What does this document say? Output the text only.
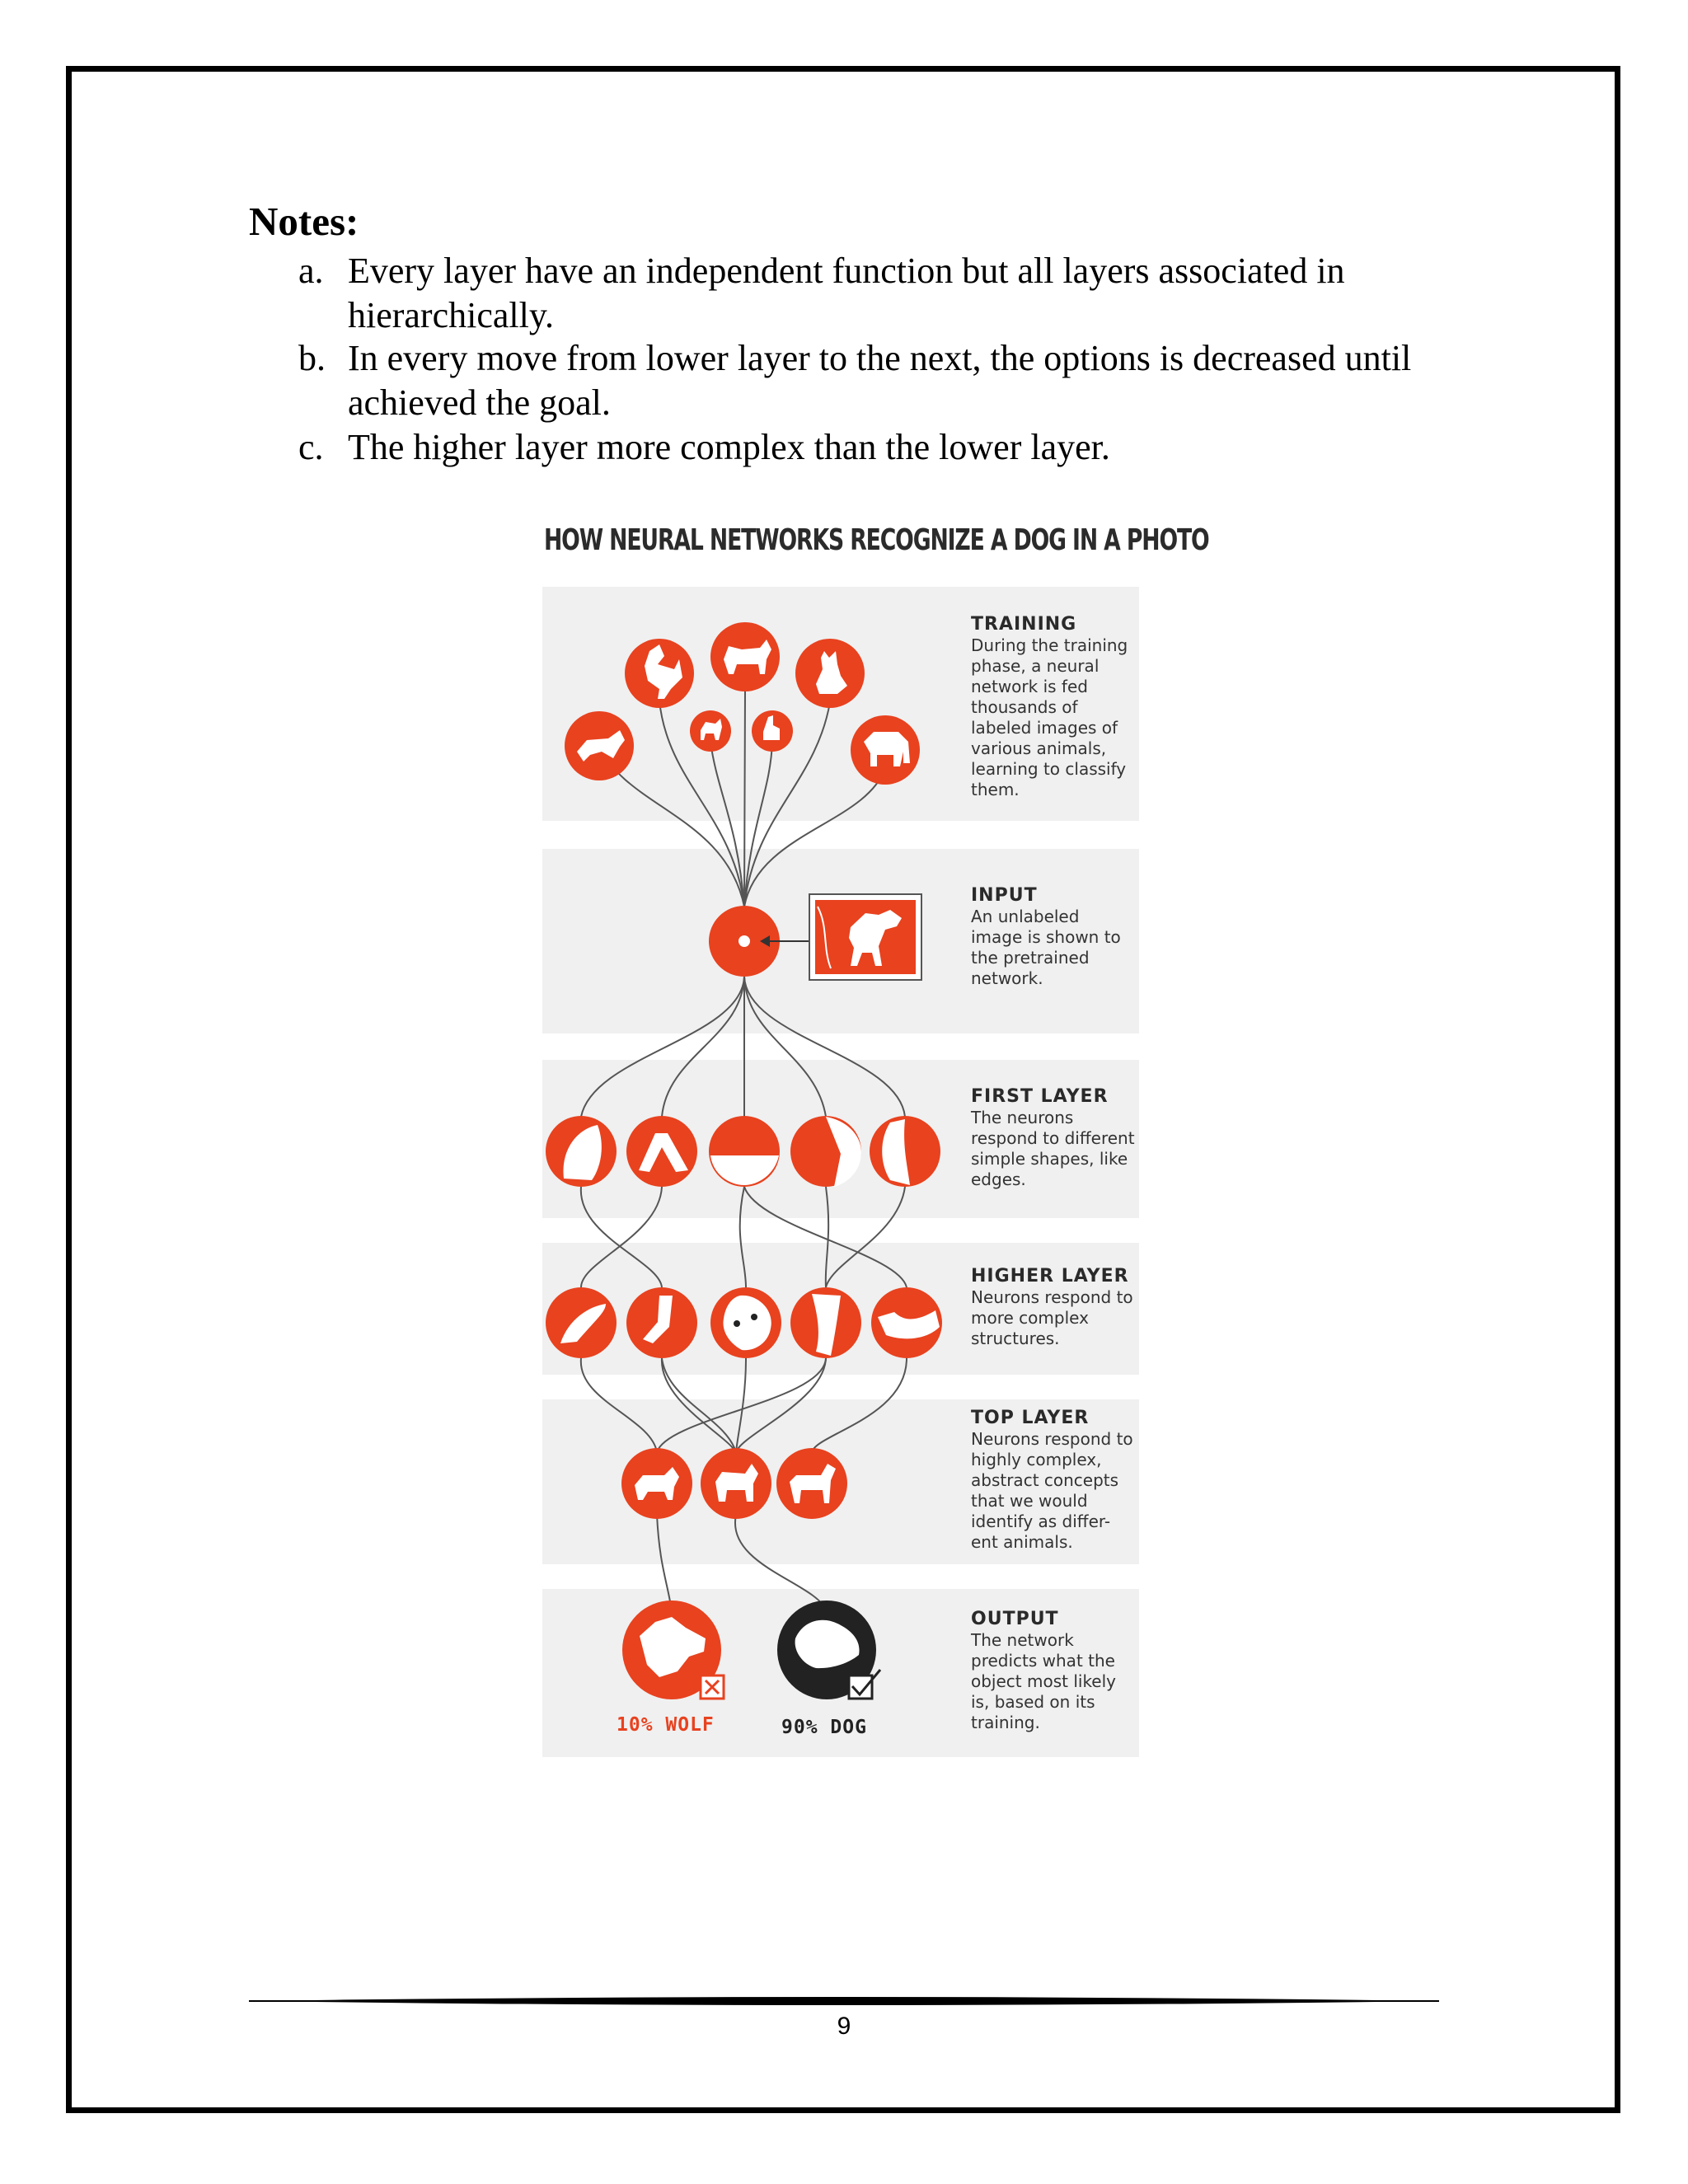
Notes:
a. Every layer have an independent function but all layers associated in hierarchically.
b. In every move from lower layer to the next, the options is decreased until achieved the goal.
c. The higher layer more complex than the lower layer.
HOW NEURAL NETWORKS RECOGNIZE A DOG IN A PHOTO
TRAINING
During the training phase, a neural network is fed thousands of labeled images of various animals, learning to classify them.
INPUT
An unlabeled image is shown to the pretrained network.
FIRST LAYER
The neurons respond to different simple shapes, like edges.
HIGHER LAYER
Neurons respond to more complex structures.
TOP LAYER
Neurons respond to highly complex, abstract concepts that we would identify as differ-ent animals.
OUTPUT
The network predicts what the object most likely is, based on its training.
10% WOLF	90% DOG
9
